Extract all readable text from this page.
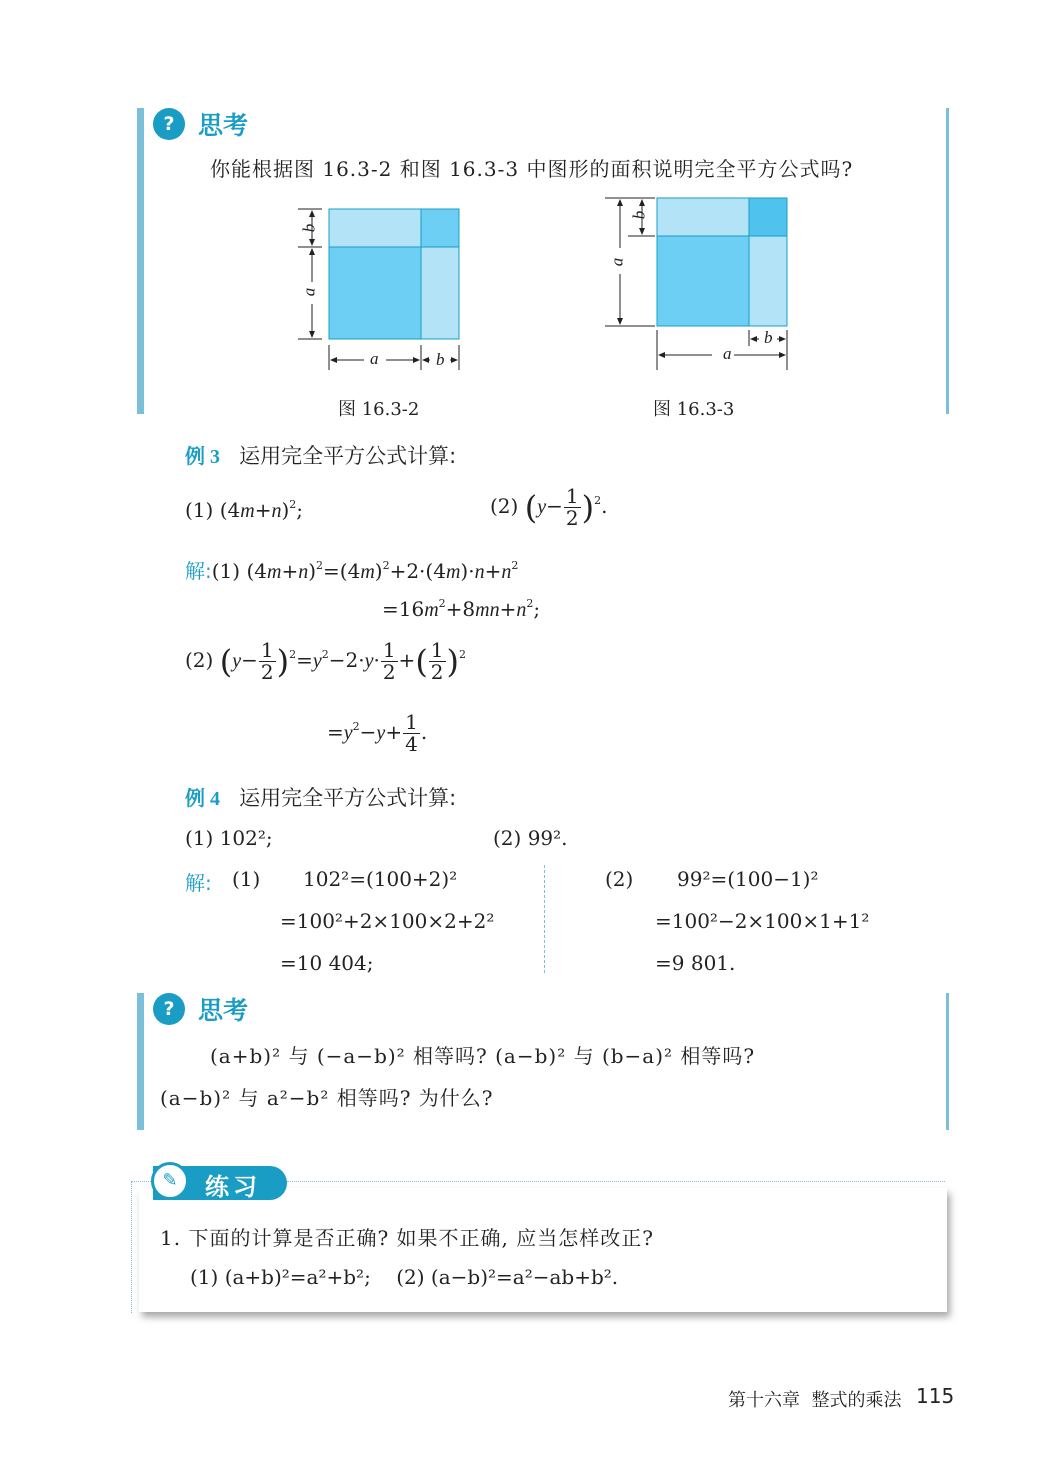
? 思考
你能根据图 16.3-2 和图 16.3-3 中图形的面积说明完全平方公式吗?
b
a
a	b
图 16.3-2
b
a
b
a
图 16.3-3
例 3 运用完全平方公式计算:
(1) $(4m+n)^2$;	(2) $(y- \frac{1}{2} )^2$.
解:(1) $(4m+n)^2=(4m)^2+2\cdot(4m)\cdot n+n^2$
$=16m^2+8mn+n^2$;
(2) $(y- \frac{1}{2} )^2=y^2-2\cdot y\cdot \frac{1}{2}$ +( $\frac{1}{2} )^2$
$=y^2-y+ \frac{1}{4}$ .
例 4 运用完全平方公式计算:
(1) 102²;	(2) 99².
解: (1) 102²=(100+2)²
=100²+2×100×2+2²
=10 404;
(2) 99²=(100−1)²
=100²−2×100×1+1²
=9 801.
? 思考
(a+b)² 与 (−a−b)² 相等吗? (a−b)² 与 (b−a)² 相等吗?
(a−b)² 与 a²−b² 相等吗? 为什么?
✎	练习
1. 下面的计算是否正确? 如果不正确, 应当怎样改正?
(1) (a+b)²=a²+b²;    (2) (a−b)²=a²−ab+b².
第十六章  整式的乘法 115
